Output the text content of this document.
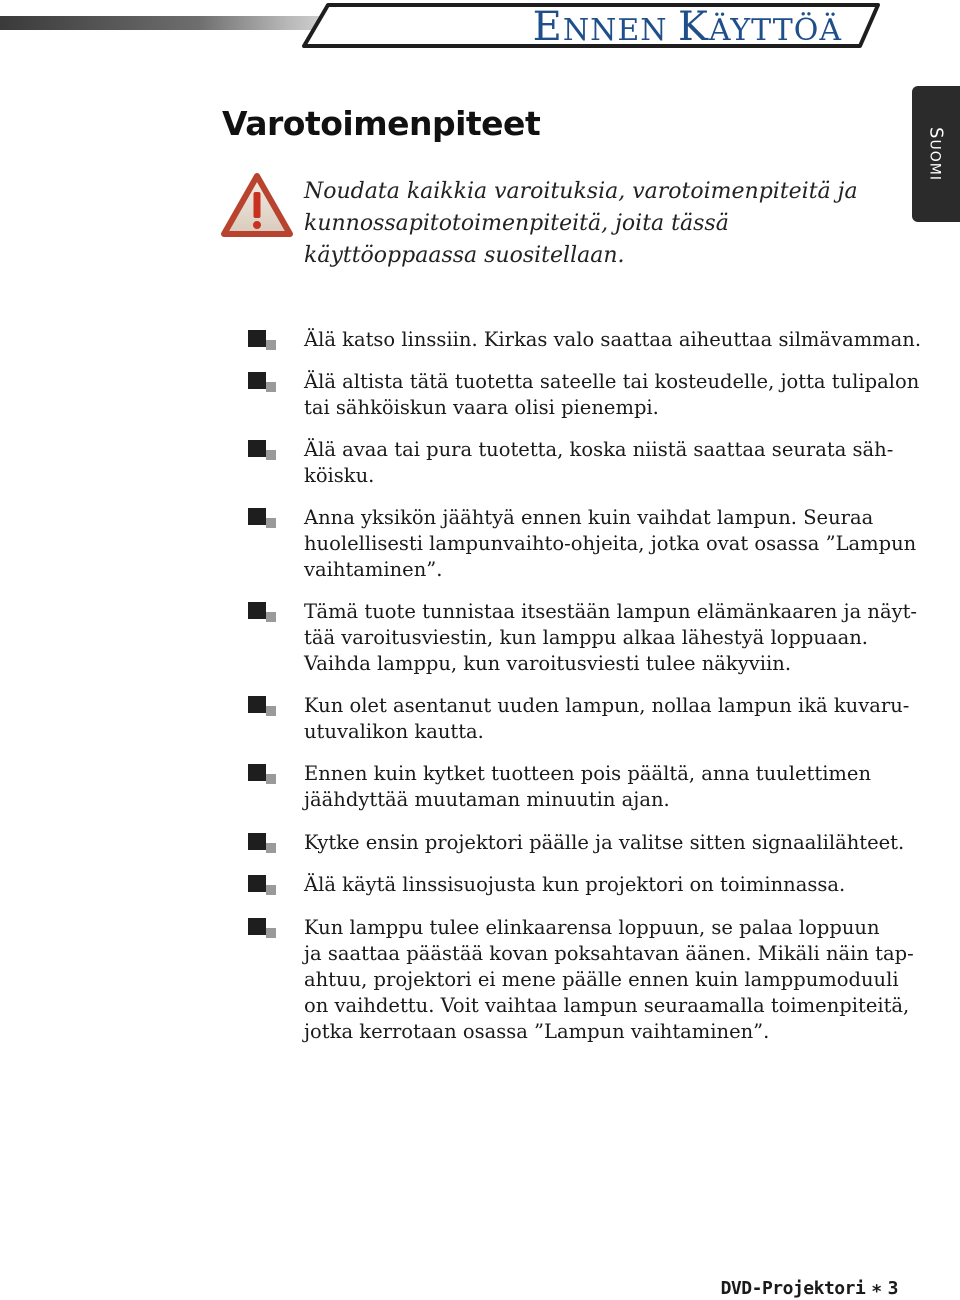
ENNEN KÄYTTÖÄ
SUOMI
Varotoimenpiteet

Noudata kaikkia varoituksia, varotoimenpiteitä ja kunnossapitotoimenpiteitä, joita tässä käyttöoppaassa suositellaan.

Älä katso linssiin. Kirkas valo saattaa aiheuttaa silmävamman.
Älä altista tätä tuotetta sateelle tai kosteudelle, jotta tulipalon
tai sähköiskun vaara olisi pienempi.
Älä avaa tai pura tuotetta, koska niistä saattaa seurata säh-
köisku.
Anna yksikön jäähtyä ennen kuin vaihdat lampun. Seuraa
huolellisesti lampunvaihto-ohjeita, jotka ovat osassa ”Lampun
vaihtaminen”.
Tämä tuote tunnistaa itsestään lampun elämänkaaren ja näyt-
tää varoitusviestin, kun lamppu alkaa lähestyä loppuaan.
Vaihda lamppu, kun varoitusviesti tulee näkyviin.
Kun olet asentanut uuden lampun, nollaa lampun ikä kuvaru-
utuvalikon kautta.
Ennen kuin kytket tuotteen pois päältä, anna tuulettimen
jäähdyttää muutaman minuutin ajan.
Kytke ensin projektori päälle ja valitse sitten signaalilähteet.
Älä käytä linssisuojusta kun projektori on toiminnassa.
Kun lamppu tulee elinkaarensa loppuun, se palaa loppuun
ja saattaa päästää kovan poksahtavan äänen. Mikäli näin tap-
ahtuu, projektori ei mene päälle ennen kuin lamppumoduuli
on vaihdettu. Voit vaihtaa lampun seuraamalla toimenpiteitä,
jotka kerrotaan osassa ”Lampun vaihtaminen”.
DVD-Projektori ∗ 3
